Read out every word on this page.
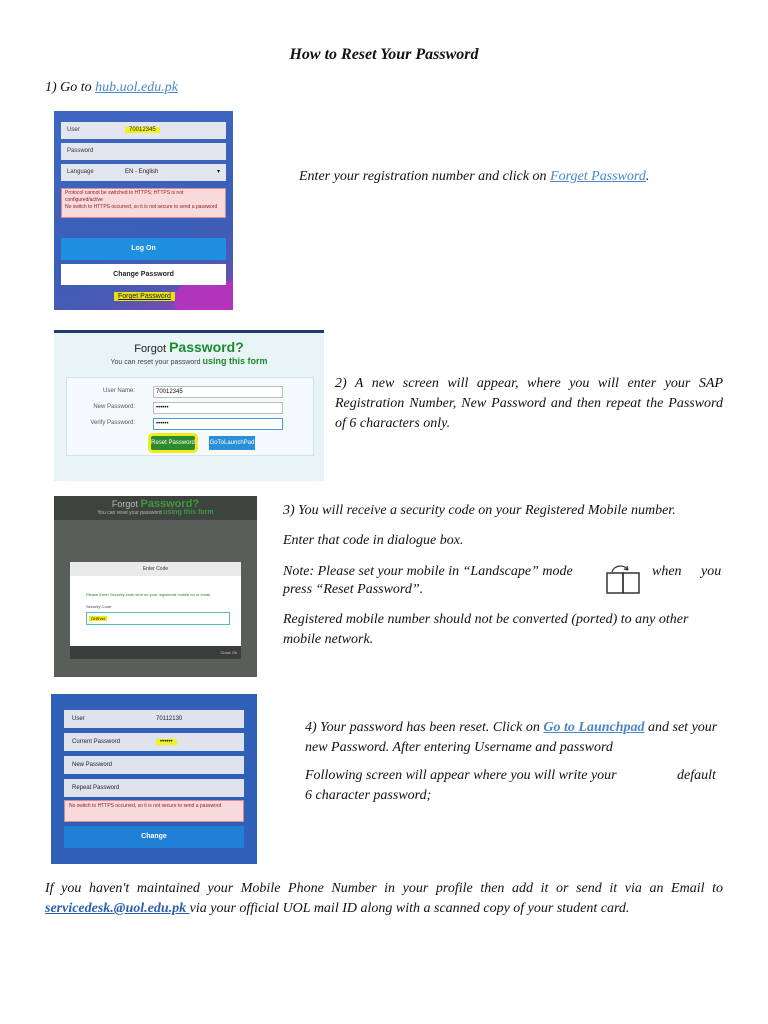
How to Reset Your Password
1) Go to hub.uol.edu.pk
User	70012345
Password
Language	EN - English	▾
Protocol cannot be switched to HTTPS; HTTPS is not configured/active
No switch to HTTPS occurred, so it is not secure to send a password
Log On
Change Password
Forget Password
Enter your registration number and click on Forget Password.
Forgot Password?
You can reset your password using this form
User Name:	70012345
New Password:	••••••
Verify Password:	••••••
Reset Password GoToLaunchPad
2) A new screen will appear, where you will enter your SAP Registration Number, New Password and then repeat the Password of 6 characters only.
Forgot Password?
You can reset your password using this form
Enter Code
Please Enter Security code sent on your registered mobile no or email
Security Code:
GH5Vet
Close Ok
3) You will receive a security code on your Registered Mobile number.
Enter that code in dialogue box.
Note: Please set your mobile in “Landscape” mode	when you
press “Reset Password”.
Registered mobile number should not be converted (ported) to any other mobile network.
User	70112130
Current Password	••••••
New Password
Repeat Password
No switch to HTTPS occurred, so it is not secure to send a password
Change
4) Your password has been reset. Click on Go to Launchpad and set your new Password. After entering Username and password
Following screen will appear where you will write your	default
6 character password;
If you haven't maintained your Mobile Phone Number in your profile then add it or send it via an Email to servicedesk.@uol.edu.pk via your official UOL mail ID along with a scanned copy of your student card.
